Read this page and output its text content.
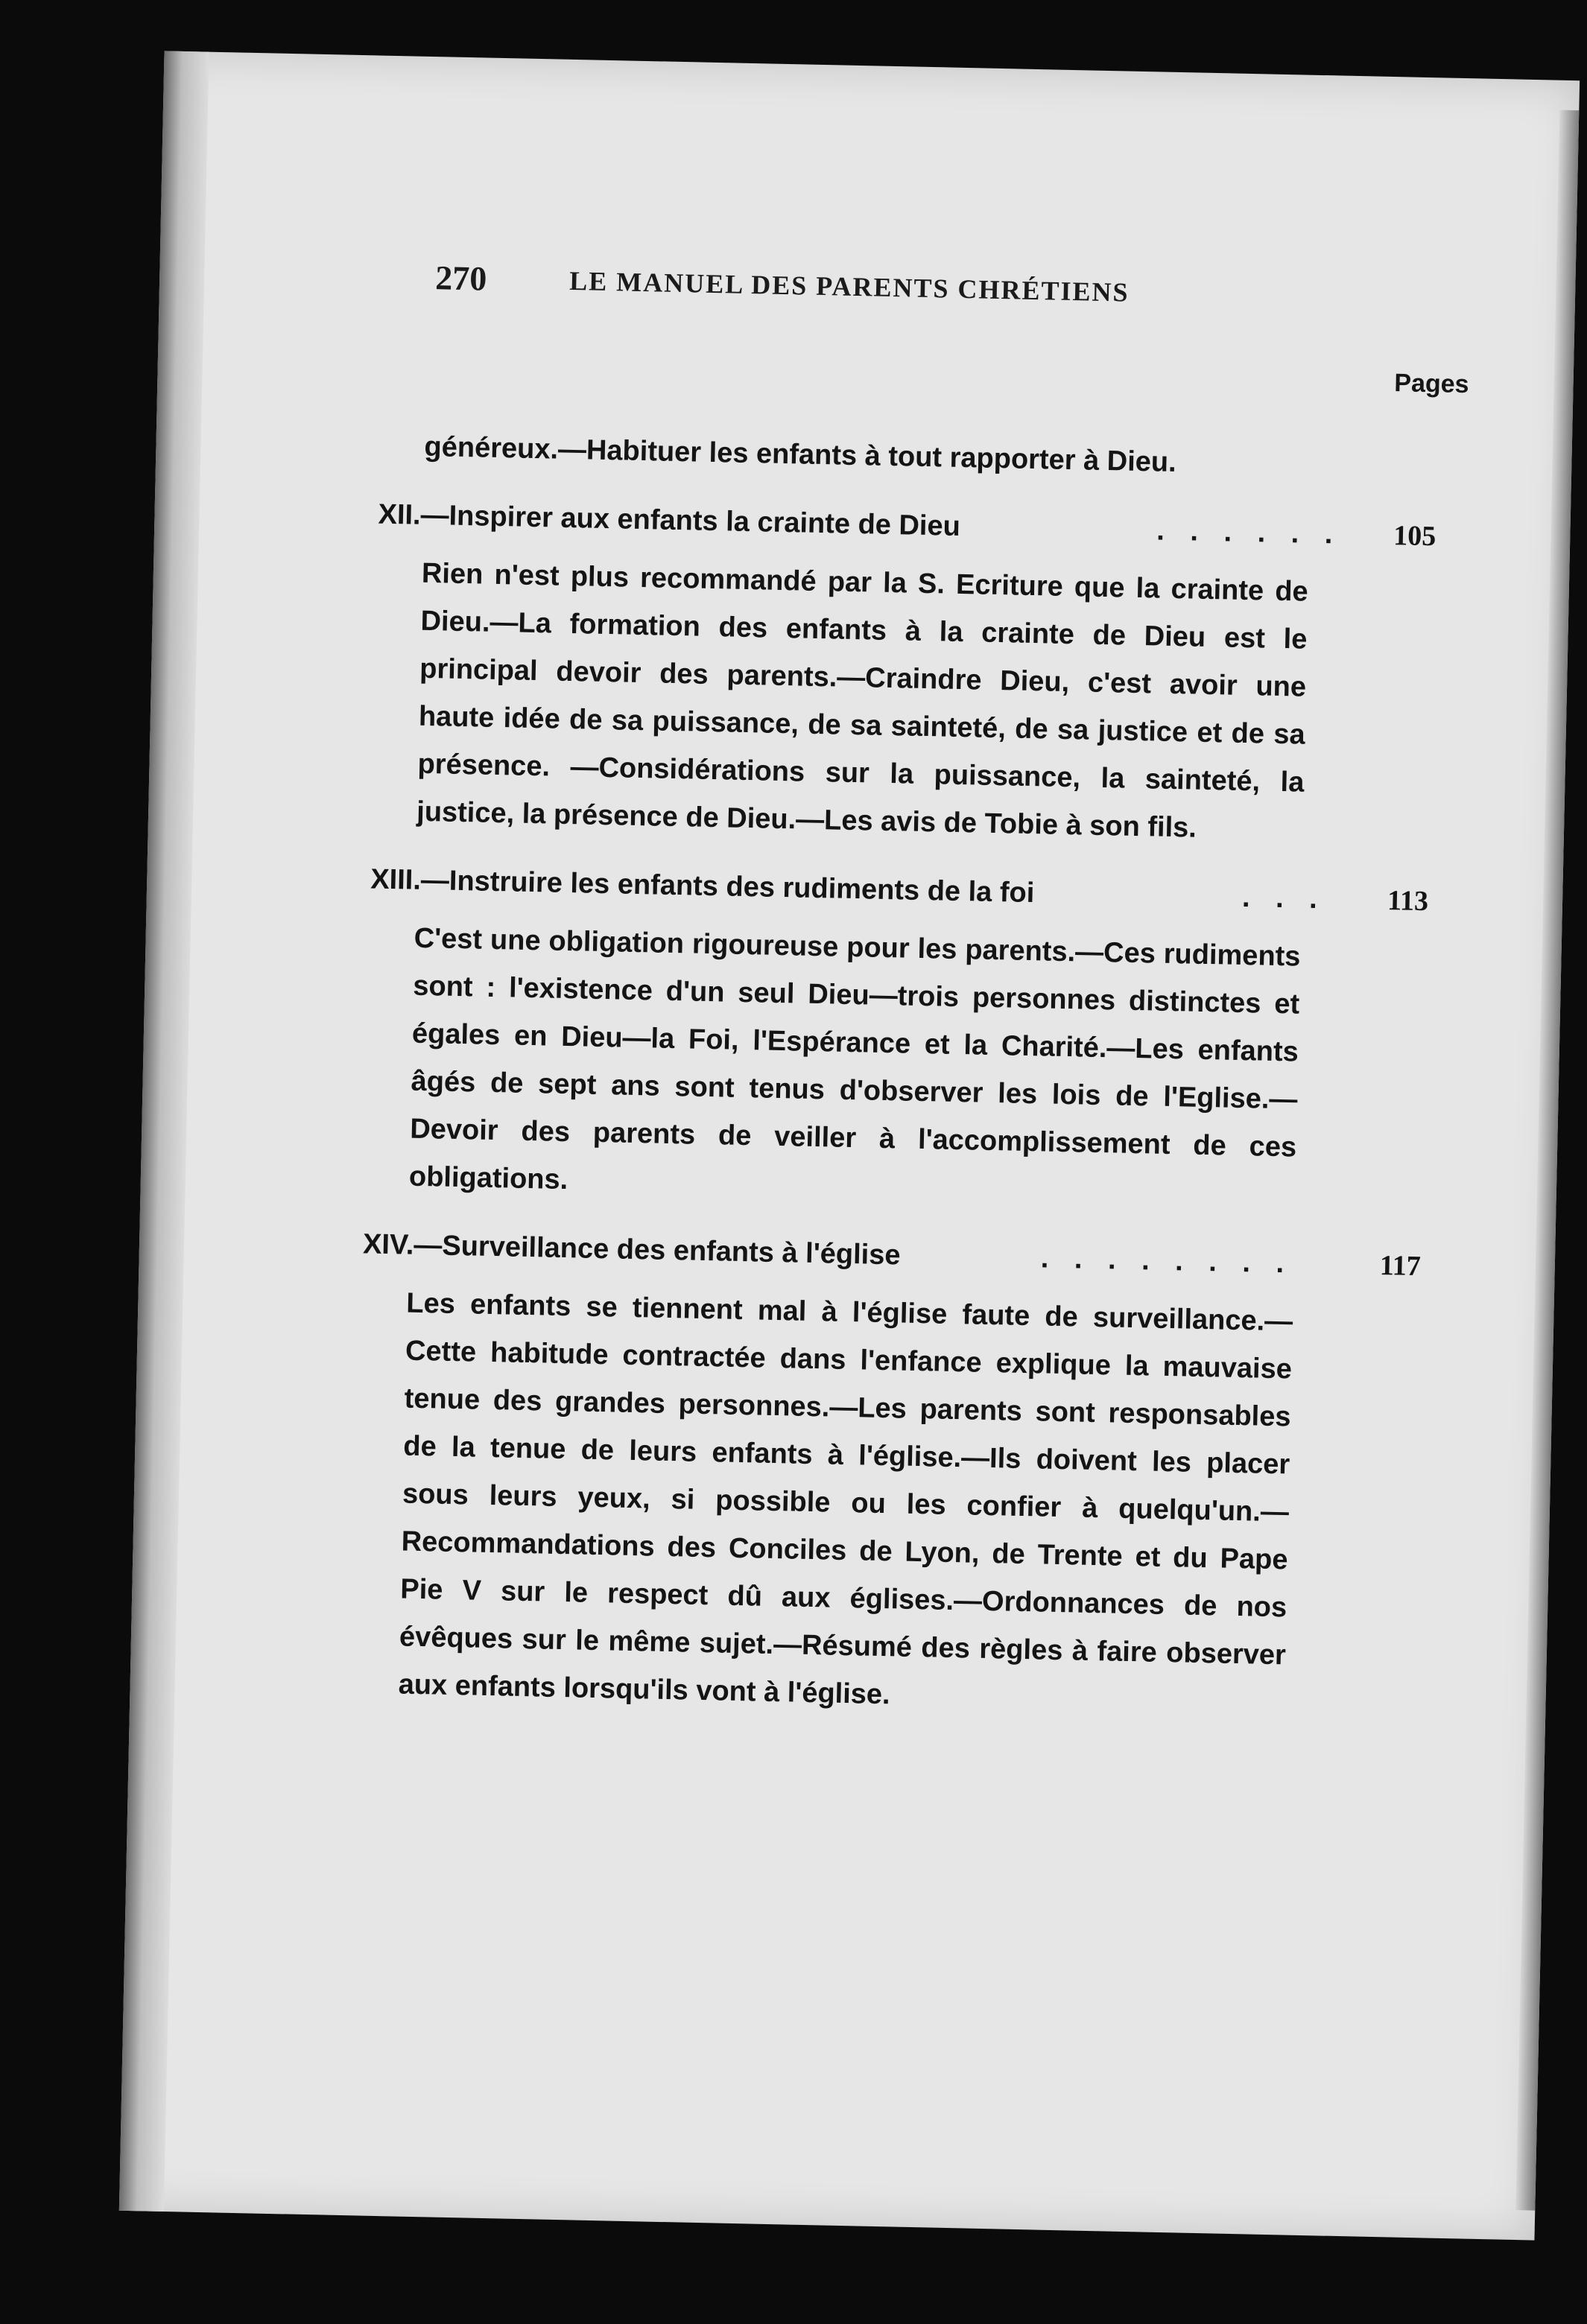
270	LE MANUEL DES PARENTS CHRÉTIENS
Pages

généreux.—Habituer les enfants à tout rapporter à Dieu.

XII.—Inspirer aux enfants la crainte de Dieu	. . . . . . 105

Rien n'est plus recommandé par la S. Ecriture que la crainte de Dieu.—La formation des enfants à la crainte de Dieu est le principal devoir des parents.—Craindre Dieu, c'est avoir une haute idée de sa puissance, de sa sainteté, de sa justice et de sa présence. —Considérations sur la puissance, la sainteté, la justice, la présence de Dieu.—Les avis de Tobie à son fils.

XIII.—Instruire les enfants des rudiments de la foi	. . . 113

C'est une obligation rigoureuse pour les parents.—Ces rudiments sont : l'existence d'un seul Dieu—trois personnes distinctes et égales en Dieu—la Foi, l'Espérance et la Charité.—Les enfants âgés de sept ans sont tenus d'observer les lois de l'Eglise.—Devoir des parents de veiller à l'accomplissement de ces obligations.

XIV.—Surveillance des enfants à l'église	. . . . . . . .	117

Les enfants se tiennent mal à l'église faute de surveillance.—Cette habitude contractée dans l'enfance explique la mauvaise tenue des grandes personnes.—Les parents sont responsables de la tenue de leurs enfants à l'église.—Ils doivent les placer sous leurs yeux, si possible ou les confier à quelqu'un.—Recommandations des Conciles de Lyon, de Trente et du Pape Pie V sur le respect dû aux églises.—Ordonnances de nos évêques sur le même sujet.—Résumé des règles à faire observer aux enfants lorsqu'ils vont à l'église.
